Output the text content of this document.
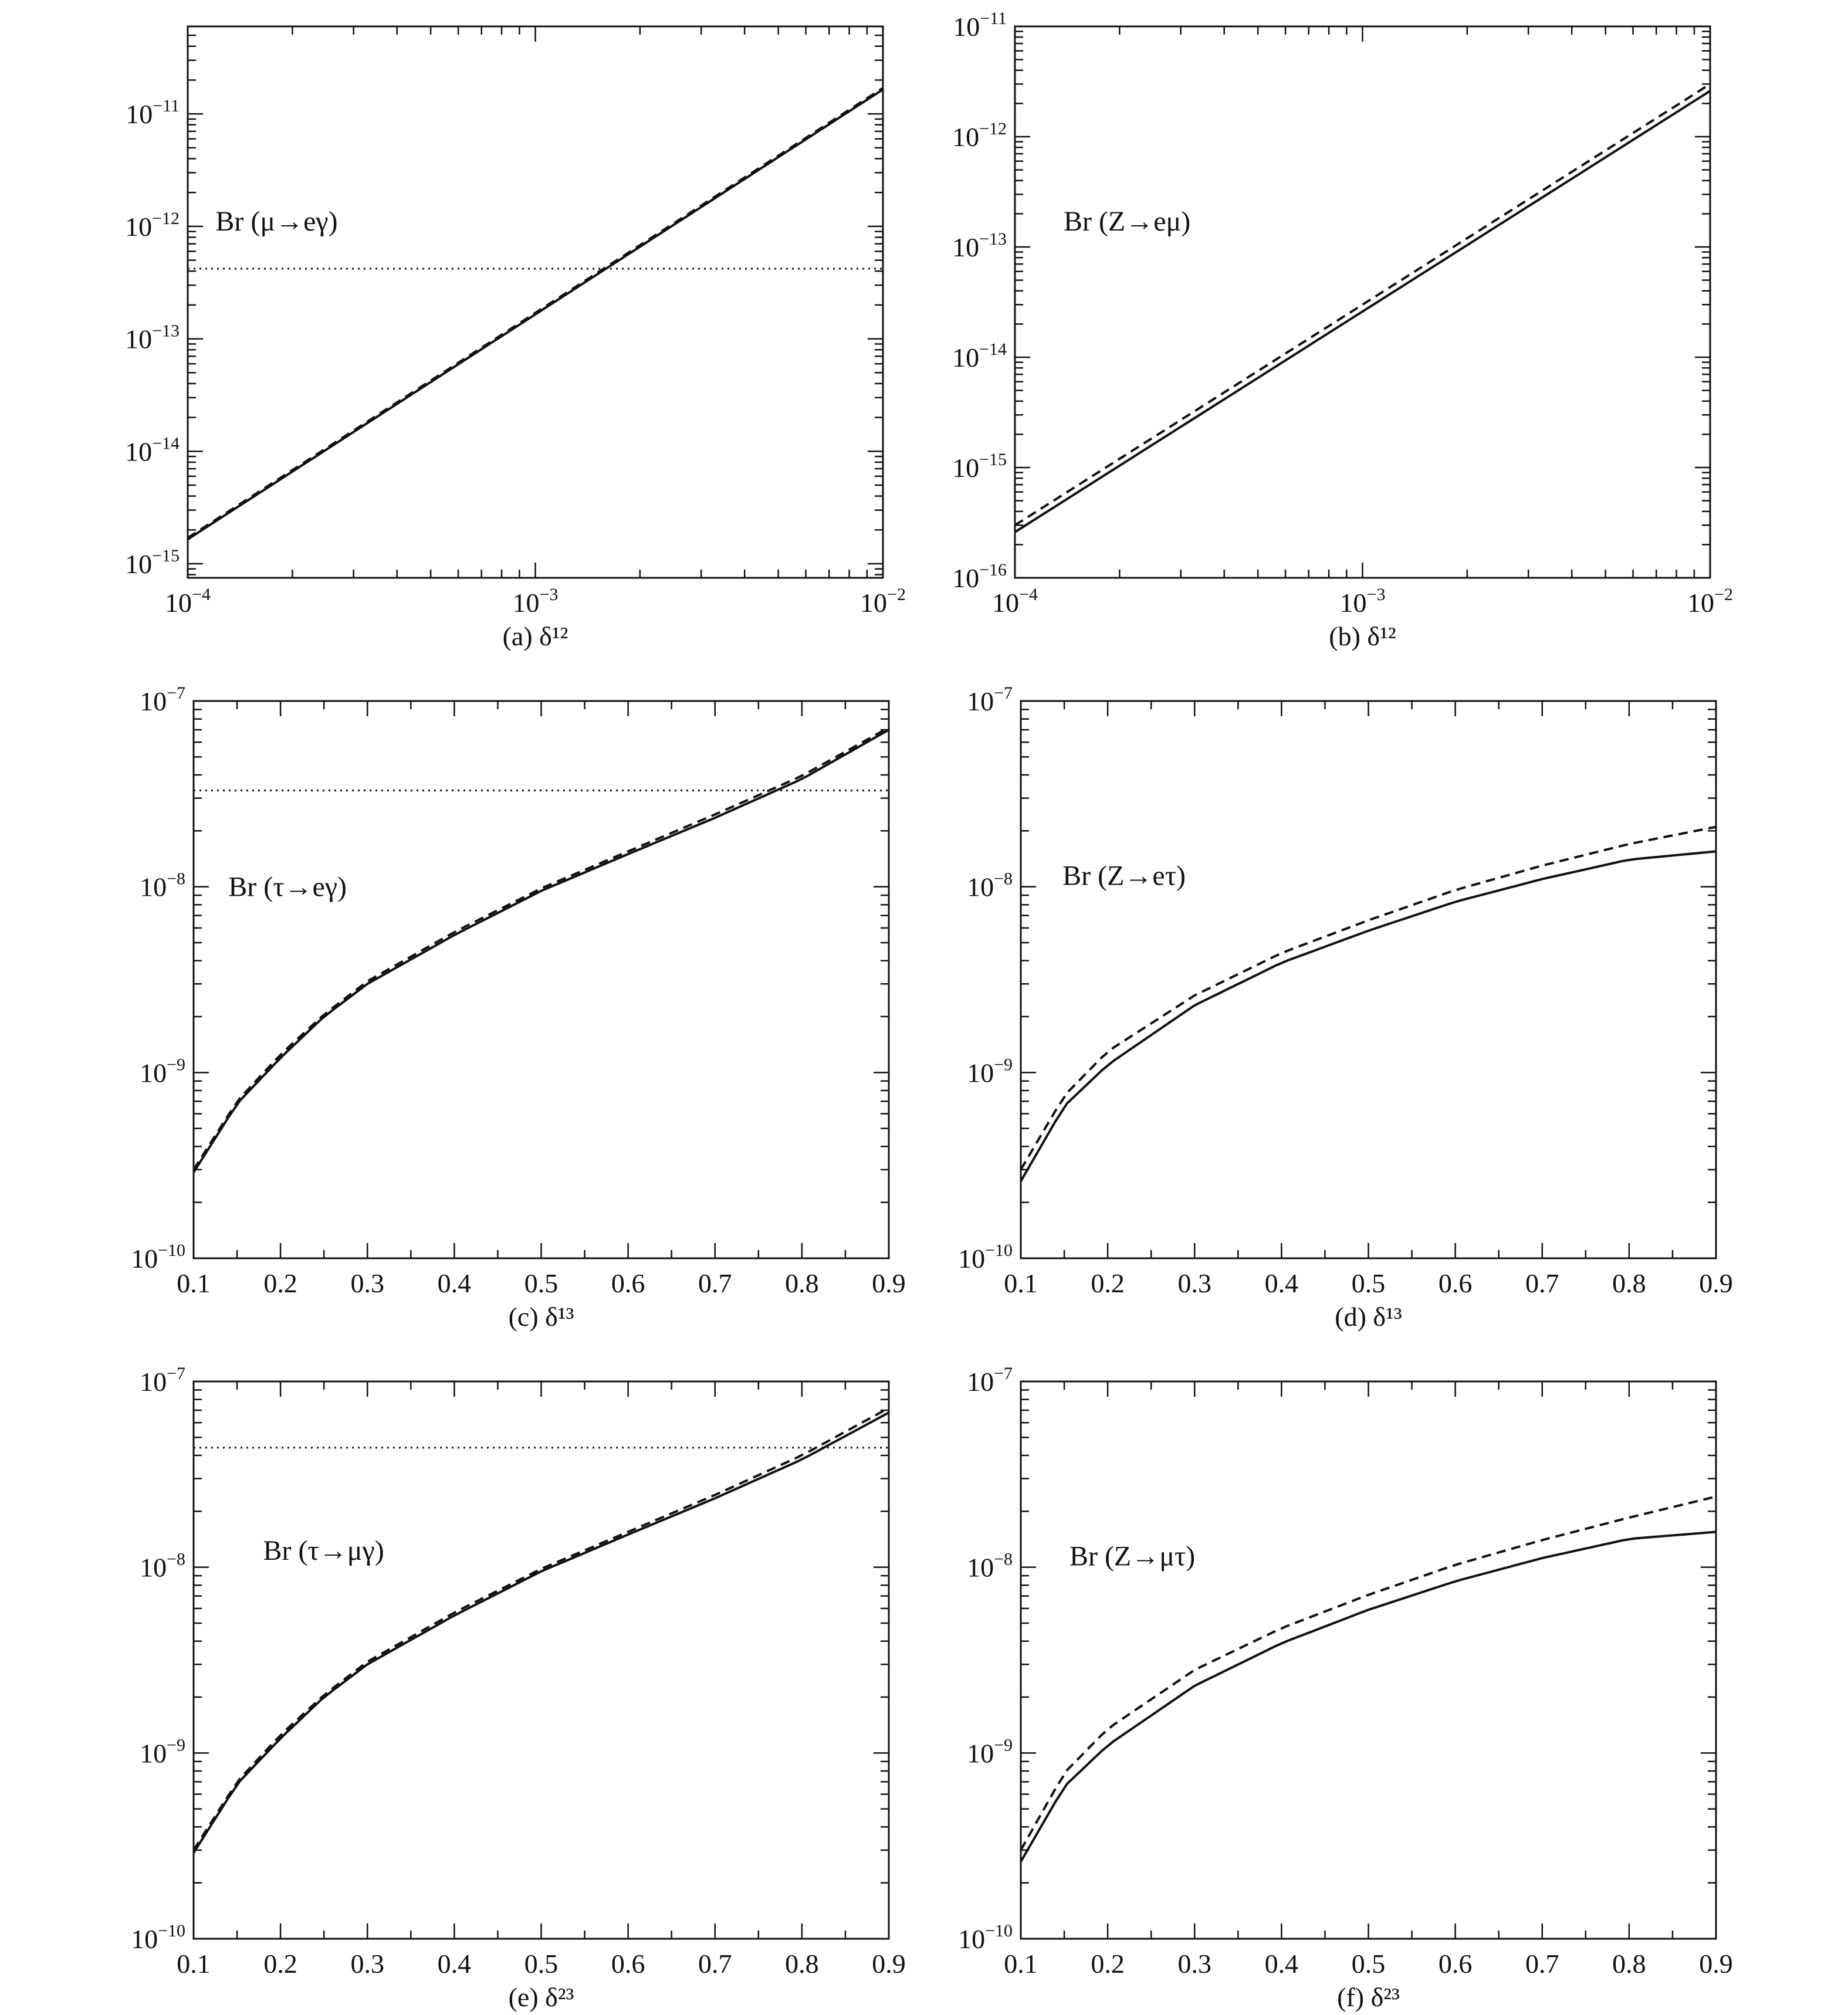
$10^{-15}$
$10^{-14}$
$10^{-13}$
$10^{-12}$
$10^{-11}$
$10^{-4}$	$10^{-3}$	$10^{-2}$
Br (μ→eγ)
(a) δ¹²
$10^{-16}$
$10^{-15}$
$10^{-14}$
$10^{-13}$
$10^{-12}$
$10^{-11}$
$10^{-4}$	$10^{-3}$	$10^{-2}$
Br (Z→eμ)
(b) δ¹²
$10^{-10}$
$10^{-9}$
$10^{-8}$
$10^{-7}$
0.1 0.2 0.3 0.4 0.5 0.6 0.7 0.8 0.9
Br (τ→eγ)
(c) δ¹³
$10^{-10}$
$10^{-9}$
$10^{-8}$
$10^{-7}$
0.1 0.2 0.3 0.4 0.5 0.6 0.7 0.8 0.9
Br (Z→eτ)
(d) δ¹³
$10^{-10}$
$10^{-9}$
$10^{-8}$
$10^{-7}$
0.1 0.2 0.3 0.4 0.5 0.6 0.7 0.8 0.9
Br (τ→μγ)
(e) δ²³
$10^{-10}$
$10^{-9}$
$10^{-8}$
$10^{-7}$
0.1 0.2 0.3 0.4 0.5 0.6 0.7 0.8 0.9
Br (Z→μτ)
(f) δ²³
